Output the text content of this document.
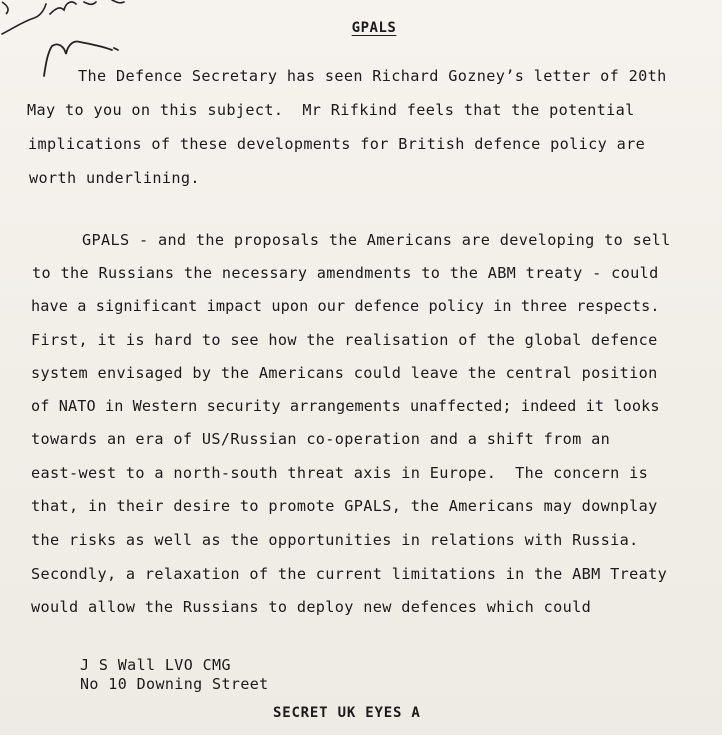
GPALS
The Defence Secretary has seen Richard Gozney’s letter of 20th
May to you on this subject.  Mr Rifkind feels that the potential
implications of these developments for British defence policy are
worth underlining.
GPALS - and the proposals the Americans are developing to sell
to the Russians the necessary amendments to the ABM treaty - could
have a significant impact upon our defence policy in three respects.
First, it is hard to see how the realisation of the global defence
system envisaged by the Americans could leave the central position
of NATO in Western security arrangements unaffected; indeed it looks
towards an era of US/Russian co-operation and a shift from an
east-west to a north-south threat axis in Europe.  The concern is
that, in their desire to promote GPALS, the Americans may downplay
the risks as well as the opportunities in relations with Russia.
Secondly, a relaxation of the current limitations in the ABM Treaty
would allow the Russians to deploy new defences which could
J S Wall LVO CMG
No 10 Downing Street
SECRET UK EYES A
